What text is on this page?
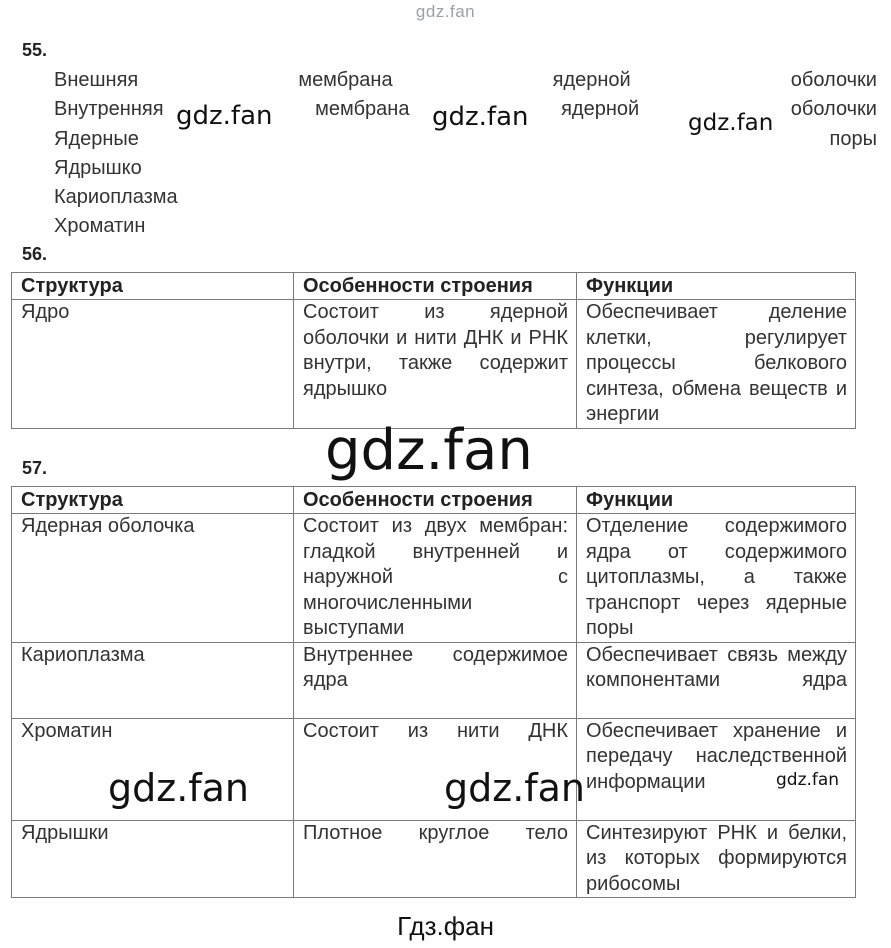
gdz.fan
55.
Внешняя	мембрана	ядерной	оболочки
Внутренняя	мембрана	ядерной	оболочки
Ядерные	поры
Ядрышко
Кариоплазма
Хроматин
56.
Структура	Особенности строения	Функции
Ядро	Состоит из ядерной оболочки и нити ДНК и РНК внутри, также содержит ядрышко	Обеспечивает деление клетки, регулирует процессы белкового синтеза, обмена веществ и энергии
57.
Структура	Особенности строения	Функции
Ядерная оболочка	Состоит из двух мембран: гладкой внутренней и наружной с многочисленными выступами	Отделение содержимого ядра от содержимого цитоплазмы, а также транспорт через ядерные поры
Кариоплазма	Внутреннее содержимое ядра	Обеспечивает связь между компонентами ядра
Хроматин	Состоит из нити ДНК	Обеспечивает хранение и передачу наследственной информации
Ядрышки	Плотное круглое тело	Синтезируют РНК и белки, из которых формируются рибосомы
gdz.fan	gdz.fan	gdz.fan
gdz.fan
gdz.fan	gdz.fan	gdz.fan
Гдз.фан
